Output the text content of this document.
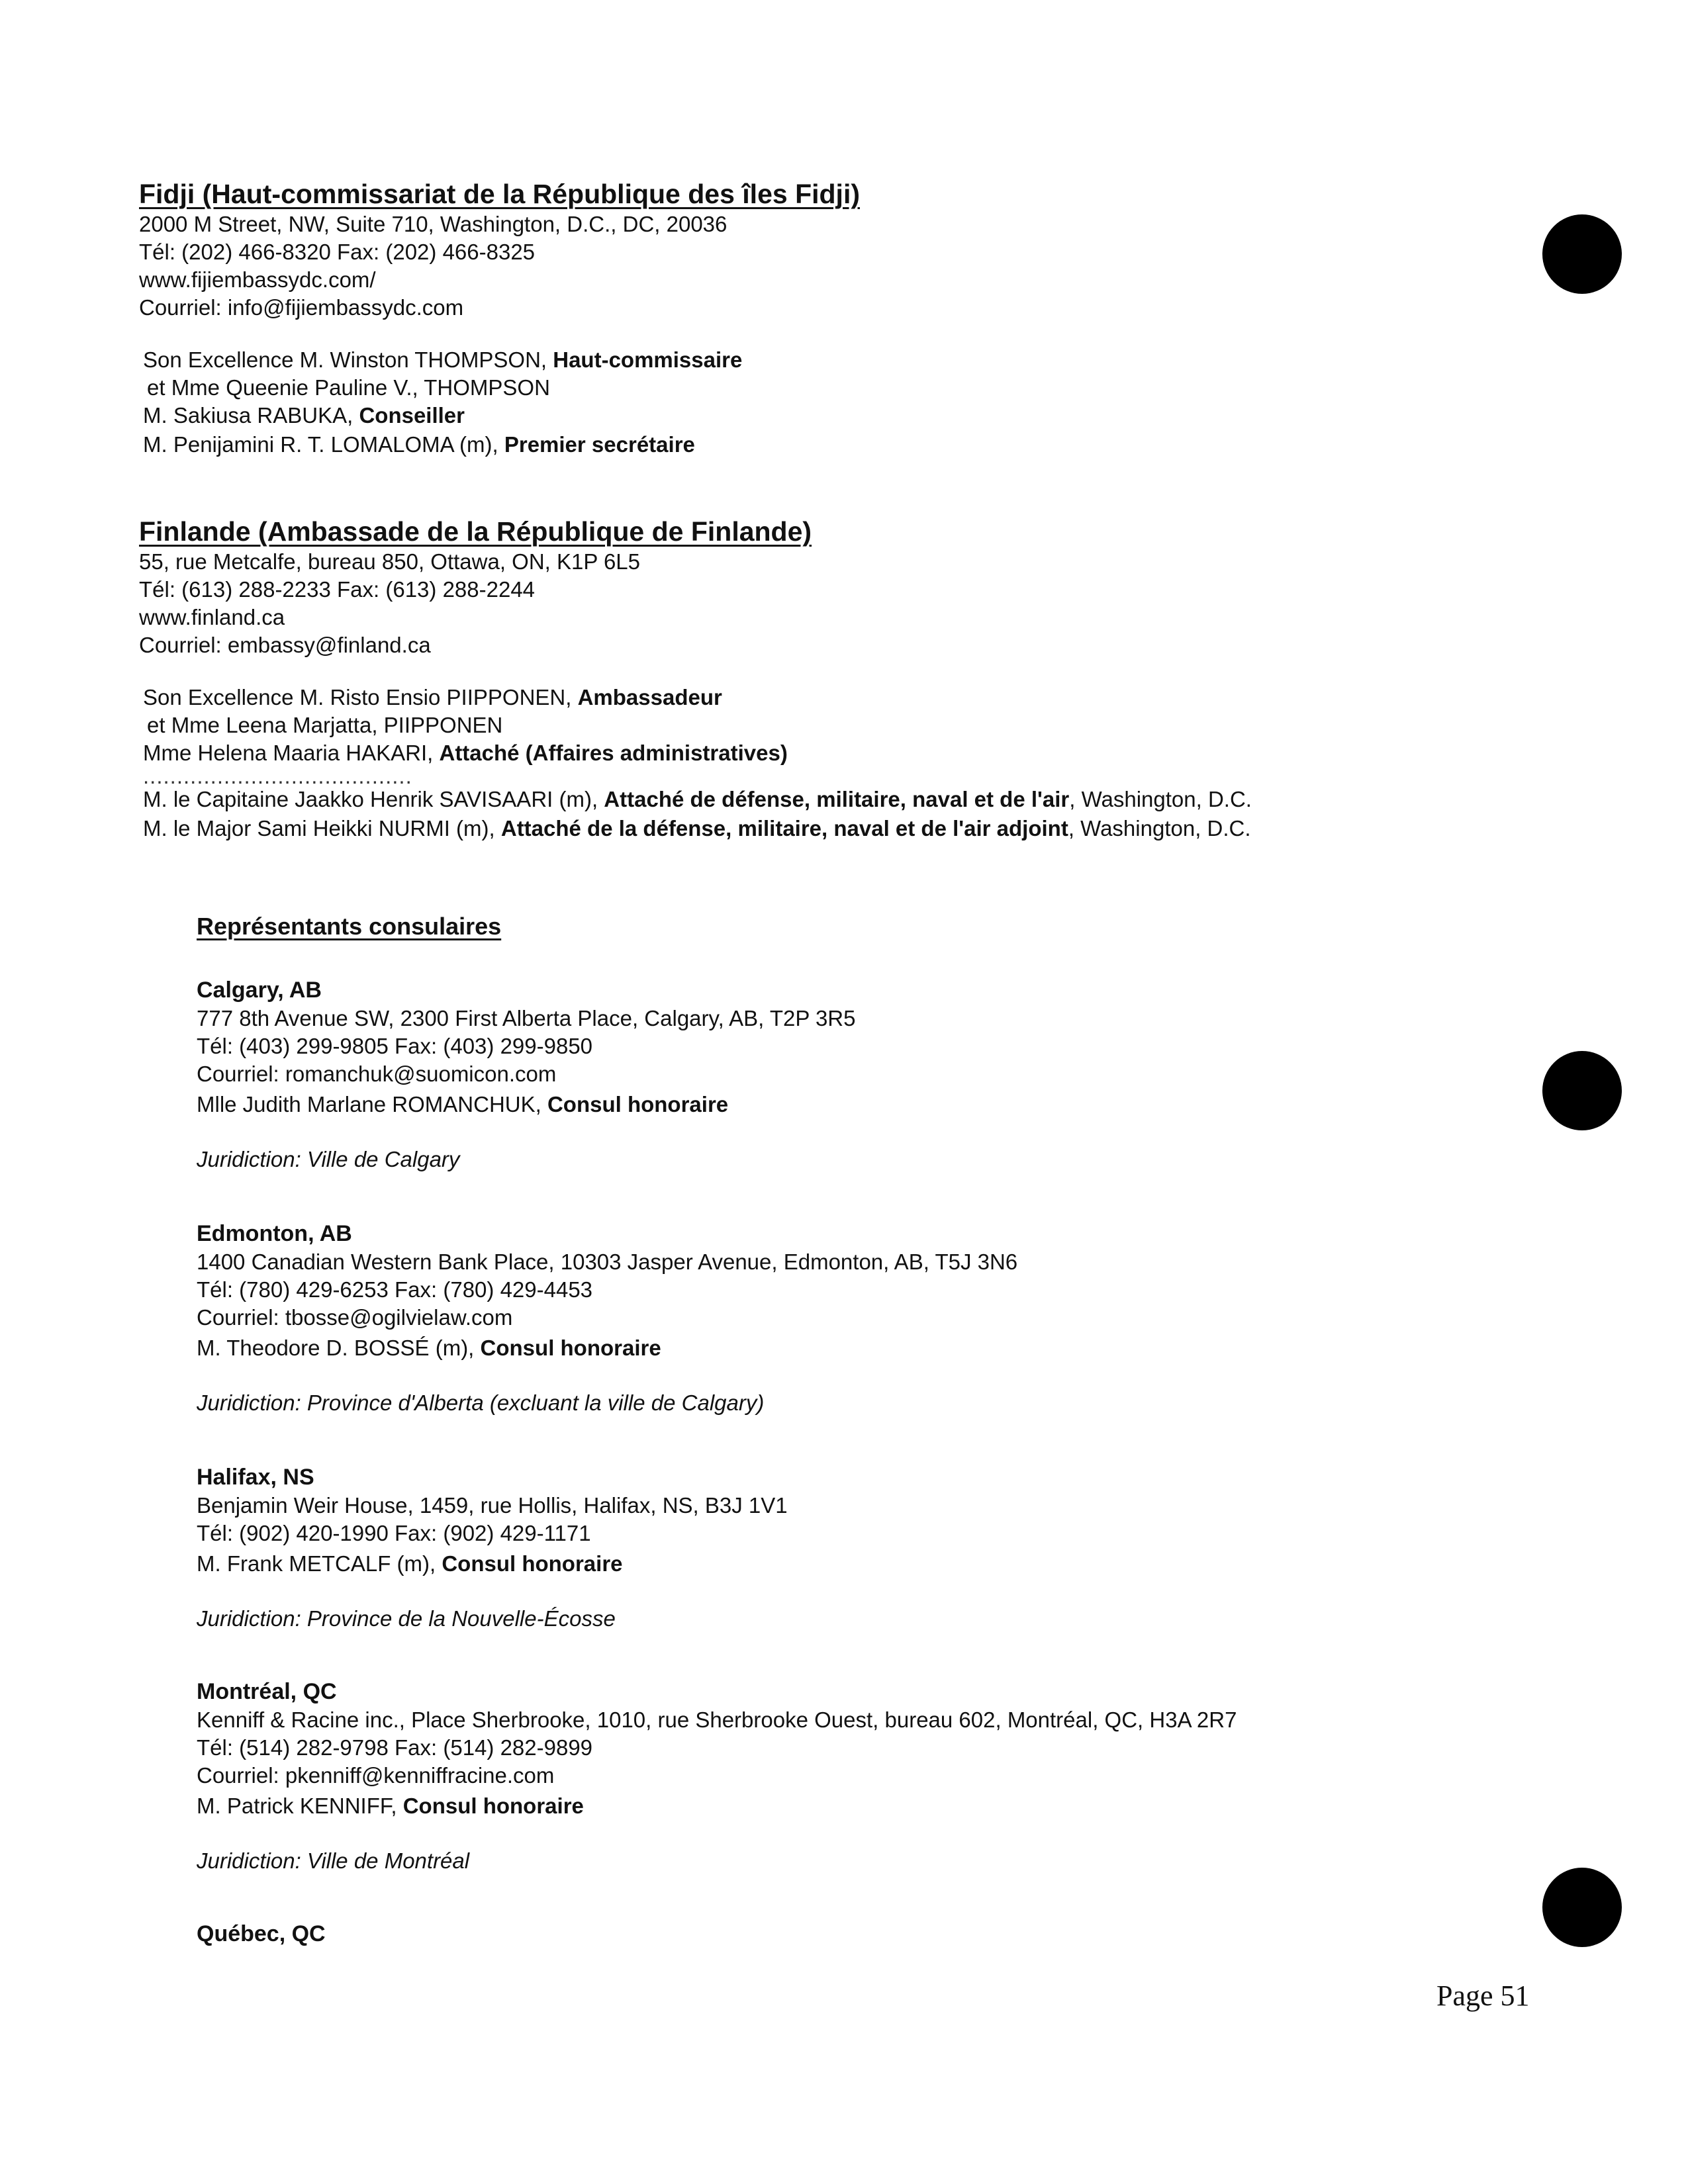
Fidji (Haut-commissariat de la République des îles Fidji)
2000 M Street, NW, Suite 710, Washington, D.C., DC, 20036
Tél: (202) 466-8320 Fax: (202) 466-8325
www.fijiembassydc.com/
Courriel: info@fijiembassydc.com
Son Excellence M. Winston THOMPSON, Haut-commissaire
et Mme Queenie Pauline V., THOMPSON
M. Sakiusa RABUKA, Conseiller
M. Penijamini R. T. LOMALOMA (m), Premier secrétaire
Finlande (Ambassade de la République de Finlande)
55, rue Metcalfe, bureau 850, Ottawa, ON, K1P 6L5
Tél: (613) 288-2233 Fax: (613) 288-2244
www.finland.ca
Courriel: embassy@finland.ca
Son Excellence M. Risto Ensio PIIPPONEN, Ambassadeur
et Mme Leena Marjatta, PIIPPONEN
Mme Helena Maaria HAKARI, Attaché (Affaires administratives)
........................................
M. le Capitaine Jaakko Henrik SAVISAARI (m), Attaché de défense, militaire, naval et de l'air, Washington, D.C.
M. le Major Sami Heikki NURMI (m), Attaché de la défense, militaire, naval et de l'air adjoint, Washington, D.C.
Représentants consulaires
Calgary, AB
777 8th Avenue SW, 2300 First Alberta Place, Calgary, AB, T2P 3R5
Tél: (403) 299-9805 Fax: (403) 299-9850
Courriel: romanchuk@suomicon.com
Mlle Judith Marlane ROMANCHUK, Consul honoraire
Juridiction: Ville de Calgary
Edmonton, AB
1400 Canadian Western Bank Place, 10303 Jasper Avenue, Edmonton, AB, T5J 3N6
Tél: (780) 429-6253 Fax: (780) 429-4453
Courriel: tbosse@ogilvielaw.com
M. Theodore D. BOSSÉ (m), Consul honoraire
Juridiction: Province d'Alberta (excluant la ville de Calgary)
Halifax, NS
Benjamin Weir House, 1459, rue Hollis, Halifax, NS, B3J 1V1
Tél: (902) 420-1990 Fax: (902) 429-1171
M. Frank METCALF (m), Consul honoraire
Juridiction: Province de la Nouvelle-Écosse
Montréal, QC
Kenniff & Racine inc., Place Sherbrooke, 1010, rue Sherbrooke Ouest, bureau 602, Montréal, QC, H3A 2R7
Tél: (514) 282-9798 Fax: (514) 282-9899
Courriel: pkenniff@kenniffracine.com
M. Patrick KENNIFF, Consul honoraire
Juridiction: Ville de Montréal
Québec, QC
Page 51
